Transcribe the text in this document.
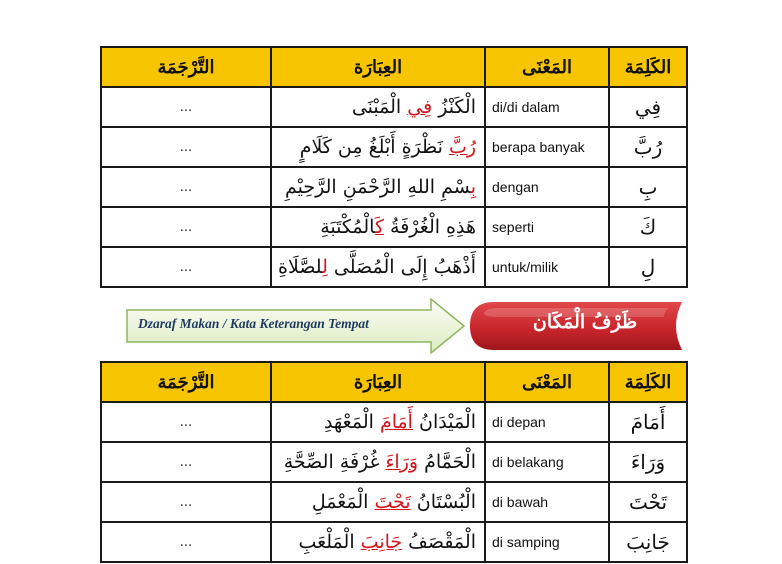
التَّرْجَمَة	العِبَارَة	المَعْنَى	الكَلِمَة
...	الْكَنْزُ فِي الْمَبْنَى	di/di dalam	فِي
...	رُبَّ نَظْرَةٍ أَبْلَغُ مِن كَلَامٍ	berapa banyak	رُبَّ
...	بِسْمِ اللهِ الرَّحْمَنِ الرَّحِيْمِ	dengan	بِ
...	هَذِهِ الْغُرْفَةُ كَالْمُكْتَبَةِ	seperti	كَ
...	أَذْهَبُ إِلَى الْمُصَلَّى لِلصَّلَاةِ	untuk/milik	لِ
Dzaraf Makan / Kata Keterangan Tempat	ظَرْفُ الْمَكَان
التَّرْجَمَة	العِبَارَة	المَعْنَى	الكَلِمَة
...	الْمَيْدَانُ أَمَامَ الْمَعْهَدِ	di depan	أَمَامَ
...	الْحَمَّامُ وَرَاءَ غُرْفَةِ الصِّحَّةِ	di belakang	وَرَاءَ
...	الْبُسْتَانُ تَحْتَ الْمَعْمَلِ	di bawah	تَحْتَ
...	الْمَقْصَفُ جَانِبَ الْمَلْعَبِ	di samping	جَانِبَ
